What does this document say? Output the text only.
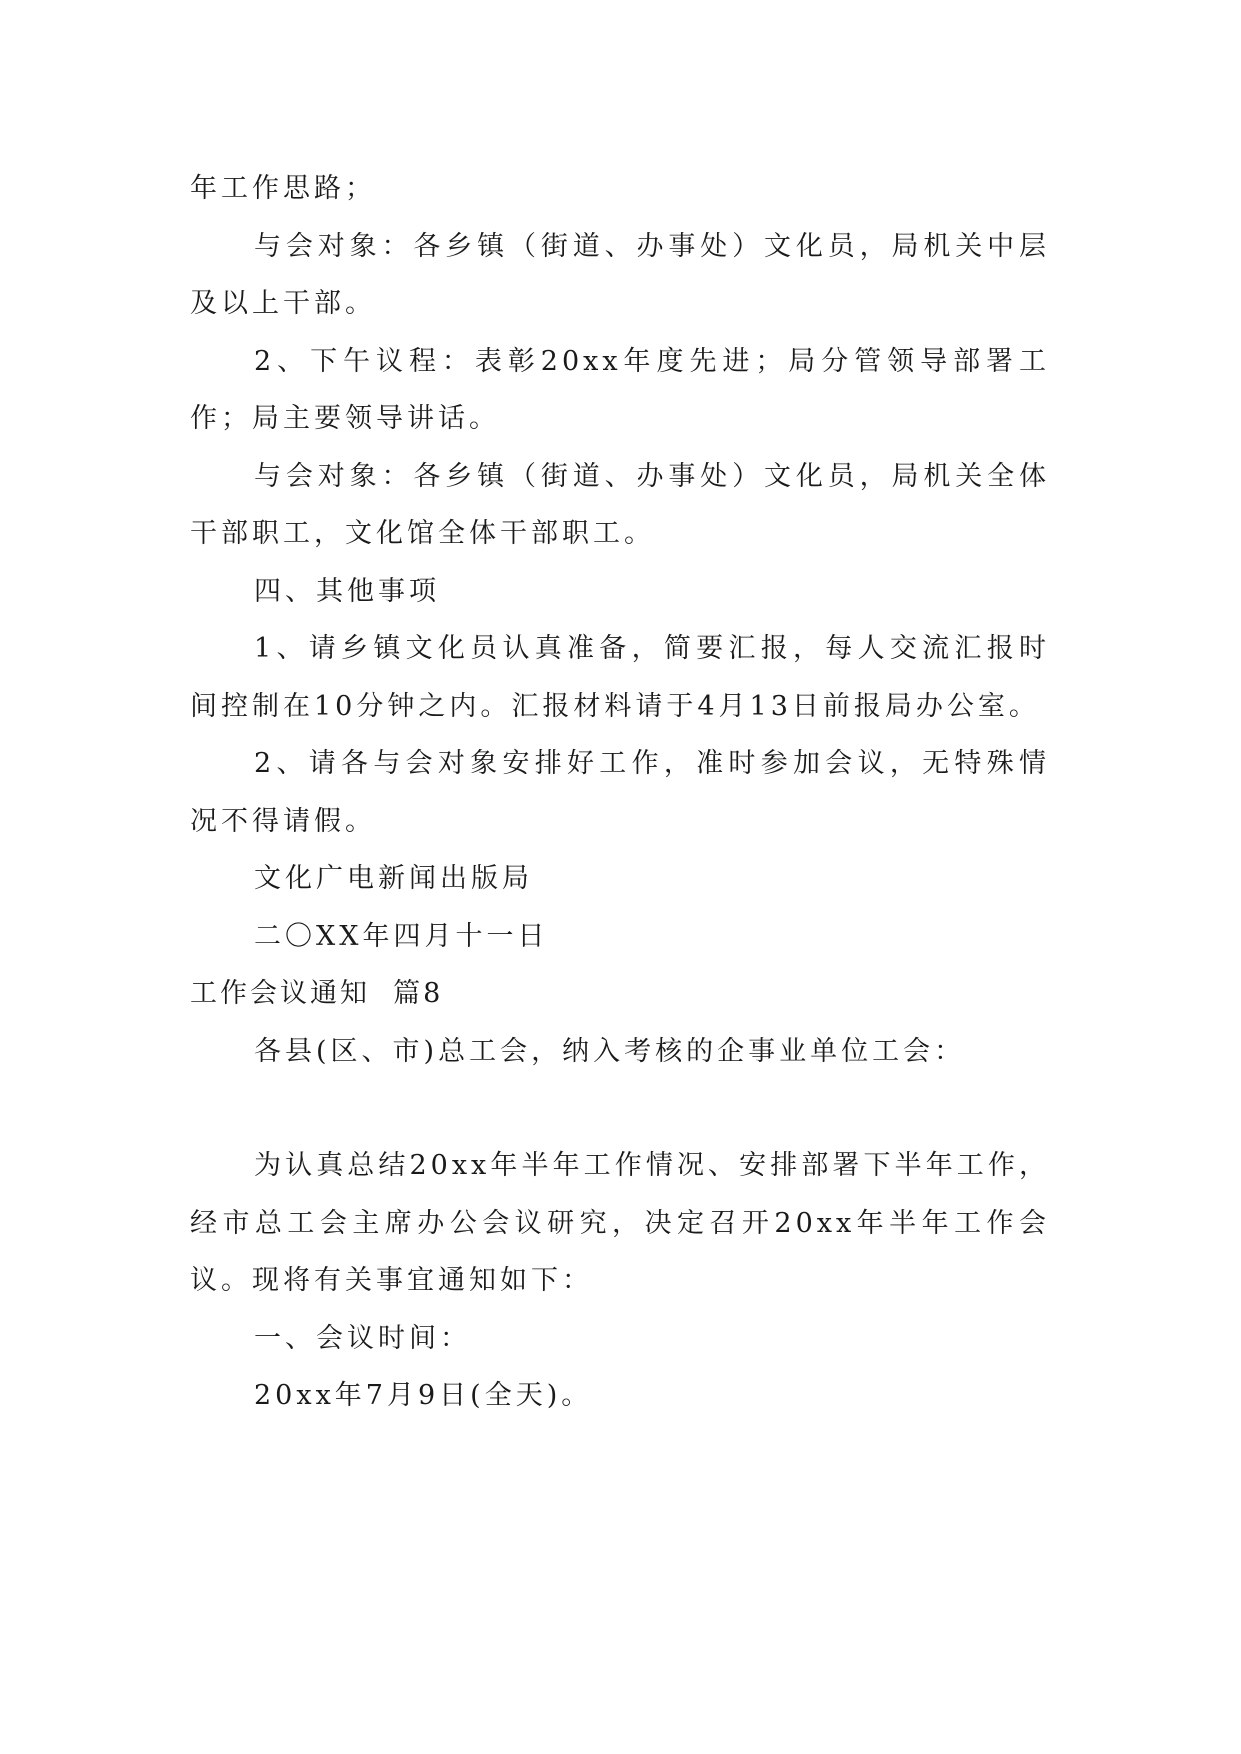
年工作思路；

与会对象：各乡镇（街道、办事处）文化员，局机关中层及以上干部。

2、下午议程：表彰20xx年度先进；局分管领导部署工作；局主要领导讲话。

与会对象：各乡镇（街道、办事处）文化员，局机关全体干部职工，文化馆全体干部职工。

四、其他事项

1、请乡镇文化员认真准备，简要汇报，每人交流汇报时间控制在10分钟之内。汇报材料请于4月13日前报局办公室。

2、请各与会对象安排好工作，准时参加会议，无特殊情况不得请假。

文化广电新闻出版局

二〇XX年四月十一日

工作会议通知  篇8

各县(区、市)总工会，纳入考核的企事业单位工会：

为认真总结20xx年半年工作情况、安排部署下半年工作，经市总工会主席办公会议研究，决定召开20xx年半年工作会议。现将有关事宜通知如下：

一、会议时间：

20xx年7月9日(全天)。
